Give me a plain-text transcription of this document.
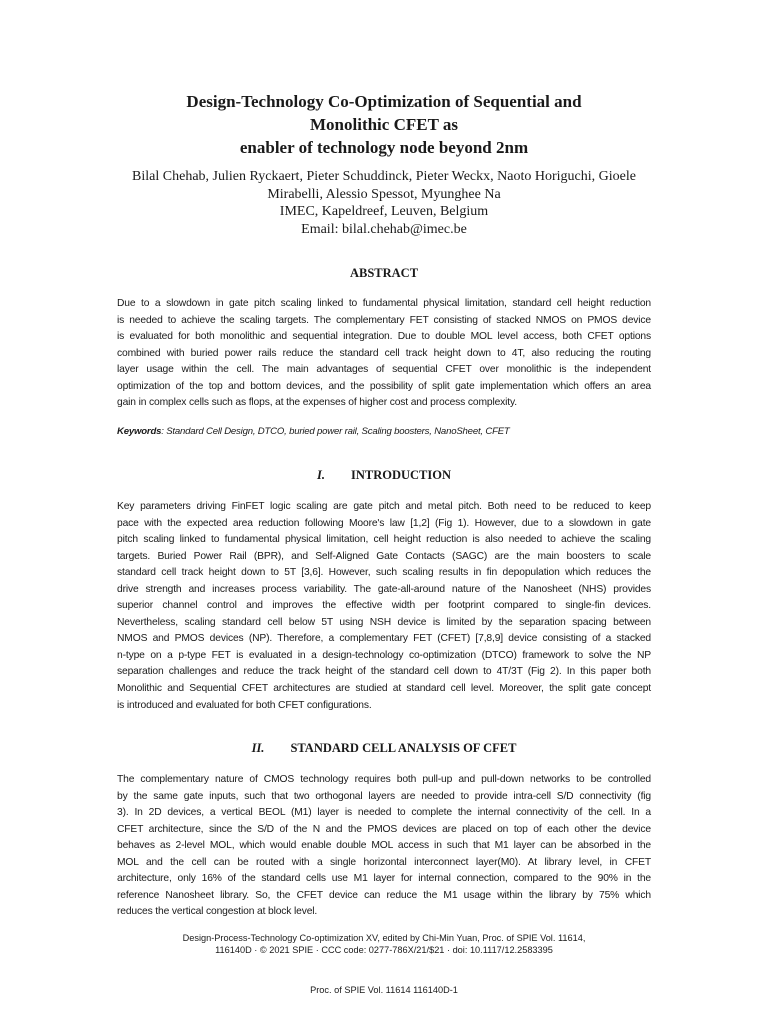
Design-Technology Co-Optimization of Sequential and
Monolithic CFET as
enabler of technology node beyond 2nm
Bilal Chehab, Julien Ryckaert, Pieter Schuddinck, Pieter Weckx, Naoto Horiguchi, Gioele
Mirabelli, Alessio Spessot, Myunghee Na
IMEC, Kapeldreef, Leuven, Belgium
Email: bilal.chehab@imec.be
ABSTRACT
Due to a slowdown in gate pitch scaling linked to fundamental physical limitation, standard cell height reduction
is needed to achieve the scaling targets. The complementary FET consisting of stacked NMOS on PMOS device
is evaluated for both monolithic and sequential integration. Due to double MOL level access, both CFET options
combined with buried power rails reduce the standard cell track height down to 4T, also reducing the routing
layer usage within the cell. The main advantages of sequential CFET over monolithic is the independent
optimization of the top and bottom devices, and the possibility of split gate implementation which offers an area
gain in complex cells such as flops, at the expenses of higher cost and process complexity.
Keywords: Standard Cell Design, DTCO, buried power rail, Scaling boosters, NanoSheet, CFET
I. INTRODUCTION
Key parameters driving FinFET logic scaling are gate pitch and metal pitch. Both need to be reduced to keep
pace with the expected area reduction following Moore's law [1,2] (Fig 1). However, due to a slowdown in gate
pitch scaling linked to fundamental physical limitation, cell height reduction is also needed to achieve the scaling
targets. Buried Power Rail (BPR), and Self-Aligned Gate Contacts (SAGC) are the main boosters to scale
standard cell track height down to 5T [3,6]. However, such scaling results in fin depopulation which reduces the
drive strength and increases process variability. The gate-all-around nature of the Nanosheet (NHS) provides
superior channel control and improves the effective width per footprint compared to single-fin devices.
Nevertheless, scaling standard cell below 5T using NSH device is limited by the separation spacing between
NMOS and PMOS devices (NP). Therefore, a complementary FET (CFET) [7,8,9] device consisting of a stacked
n-type on a p-type FET is evaluated in a design-technology co-optimization (DTCO) framework to solve the NP
separation challenges and reduce the track height of the standard cell down to 4T/3T (Fig 2). In this paper both
Monolithic and Sequential CFET architectures are studied at standard cell level. Moreover, the split gate concept
is introduced and evaluated for both CFET configurations.
II. STANDARD CELL ANALYSIS OF CFET
The complementary nature of CMOS technology requires both pull-up and pull-down networks to be controlled
by the same gate inputs, such that two orthogonal layers are needed to provide intra-cell S/D connectivity (fig
3). In 2D devices, a vertical BEOL (M1) layer is needed to complete the internal connectivity of the cell. In a
CFET architecture, since the S/D of the N and the PMOS devices are placed on top of each other the device
behaves as 2-level MOL, which would enable double MOL access in such that M1 layer can be absorbed in the
MOL and the cell can be routed with a single horizontal interconnect layer(M0). At library level, in CFET
architecture, only 16% of the standard cells use M1 layer for internal connection, compared to the 90% in the
reference Nanosheet library. So, the CFET device can reduce the M1 usage within the library by 75% which
reduces the vertical congestion at block level.
Design-Process-Technology Co-optimization XV, edited by Chi-Min Yuan, Proc. of SPIE Vol. 11614,
116140D · © 2021 SPIE · CCC code: 0277-786X/21/$21 · doi: 10.1117/12.2583395
Proc. of SPIE Vol. 11614 116140D-1
